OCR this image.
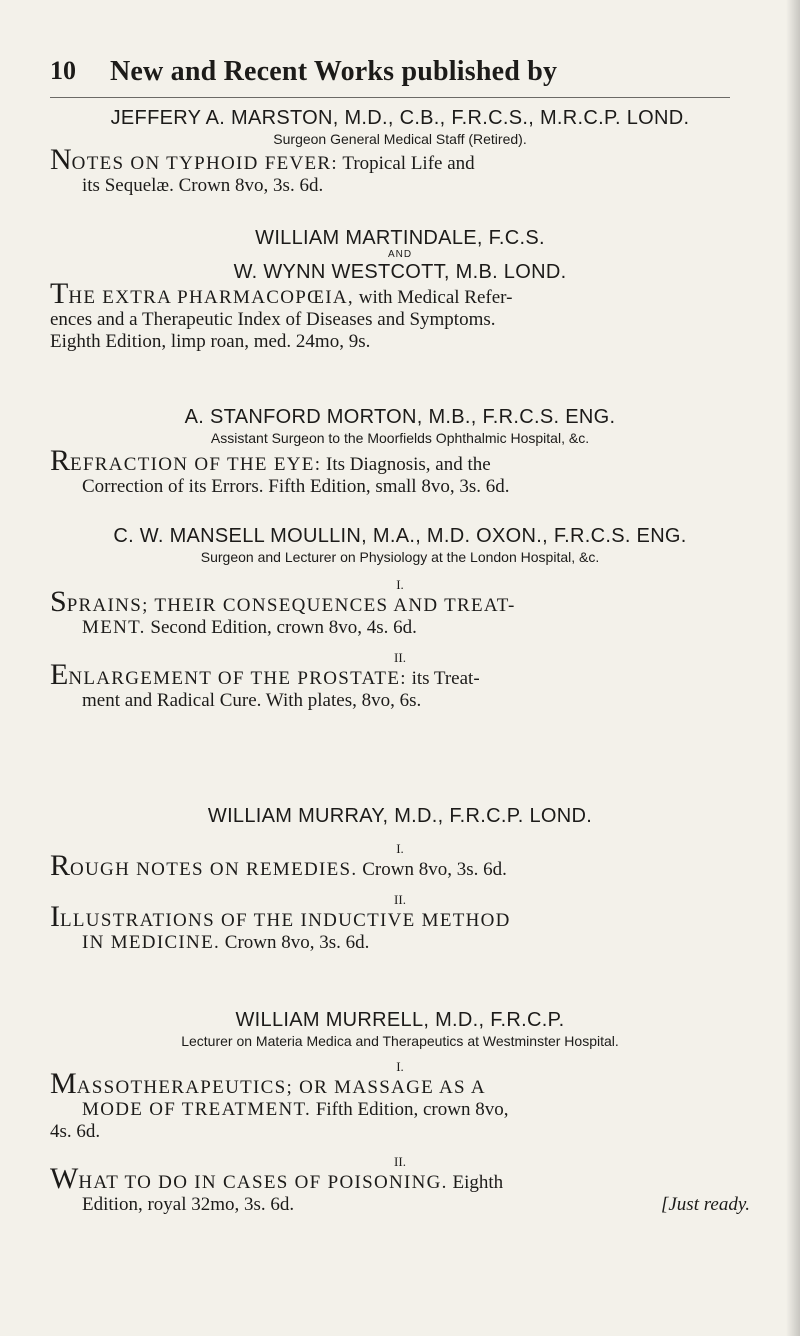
10 New and Recent Works published by
JEFFERY A. MARSTON, M.D., C.B., F.R.C.S., M.R.C.P. LOND.
Surgeon General Medical Staff (Retired).
NOTES ON TYPHOID FEVER: Tropical Life and
its Sequelæ. Crown 8vo, 3s. 6d.
WILLIAM MARTINDALE, F.C.S.
AND
W. WYNN WESTCOTT, M.B. LOND.
THE EXTRA PHARMACOPŒIA, with Medical Refer-
ences and a Therapeutic Index of Diseases and Symptoms.
Eighth Edition, limp roan, med. 24mo, 9s.
A. STANFORD MORTON, M.B., F.R.C.S. ENG.
Assistant Surgeon to the Moorfields Ophthalmic Hospital, &c.
REFRACTION OF THE EYE: Its Diagnosis, and the
Correction of its Errors. Fifth Edition, small 8vo, 3s. 6d.
C. W. MANSELL MOULLIN, M.A., M.D. OXON., F.R.C.S. ENG.
Surgeon and Lecturer on Physiology at the London Hospital, &c.
I.
SPRAINS; THEIR CONSEQUENCES AND TREAT-
MENT. Second Edition, crown 8vo, 4s. 6d.
II.
ENLARGEMENT OF THE PROSTATE: its Treat-
ment and Radical Cure. With plates, 8vo, 6s.
WILLIAM MURRAY, M.D., F.R.C.P. LOND.
I.
ROUGH NOTES ON REMEDIES. Crown 8vo, 3s. 6d.
II.
ILLUSTRATIONS OF THE INDUCTIVE METHOD
IN MEDICINE. Crown 8vo, 3s. 6d.
WILLIAM MURRELL, M.D., F.R.C.P.
Lecturer on Materia Medica and Therapeutics at Westminster Hospital.
I.
MASSOTHERAPEUTICS; OR MASSAGE AS A
MODE OF TREATMENT. Fifth Edition, crown 8vo,
4s. 6d.
II.
WHAT TO DO IN CASES OF POISONING. Eighth
Edition, royal 32mo, 3s. 6d.	[Just ready.
